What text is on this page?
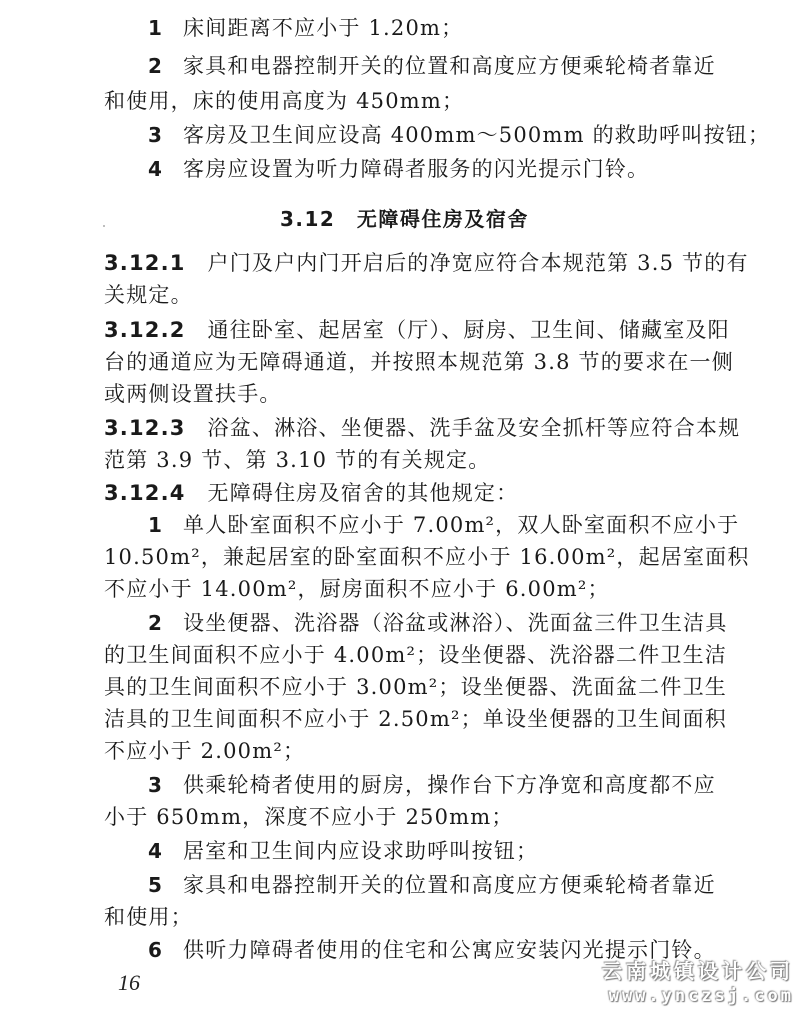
1 床间距离不应小于 1.20m；
2 家具和电器控制开关的位置和高度应方便乘轮椅者靠近
和使用，床的使用高度为 450mm；
3 客房及卫生间应设高 400mm～500mm 的救助呼叫按钮；
4 客房应设置为听力障碍者服务的闪光提示门铃。
3.12　无障碍住房及宿舍
3.12.1 户门及户内门开启后的净宽应符合本规范第 3.5 节的有
关规定。
3.12.2 通往卧室、起居室（厅）、厨房、卫生间、储藏室及阳
台的通道应为无障碍通道，并按照本规范第 3.8 节的要求在一侧
或两侧设置扶手。
3.12.3 浴盆、淋浴、坐便器、洗手盆及安全抓杆等应符合本规
范第 3.9 节、第 3.10 节的有关规定。
3.12.4 无障碍住房及宿舍的其他规定：
1 单人卧室面积不应小于 7.00m²，双人卧室面积不应小于
10.50m²，兼起居室的卧室面积不应小于 16.00m²，起居室面积
不应小于 14.00m²，厨房面积不应小于 6.00m²；
2 设坐便器、洗浴器（浴盆或淋浴）、洗面盆三件卫生洁具
的卫生间面积不应小于 4.00m²；设坐便器、洗浴器二件卫生洁
具的卫生间面积不应小于 3.00m²；设坐便器、洗面盆二件卫生
洁具的卫生间面积不应小于 2.50m²；单设坐便器的卫生间面积
不应小于 2.00m²；
3 供乘轮椅者使用的厨房，操作台下方净宽和高度都不应
小于 650mm，深度不应小于 250mm；
4 居室和卫生间内应设求助呼叫按钮；
5 家具和电器控制开关的位置和高度应方便乘轮椅者靠近
和使用；
6 供听力障碍者使用的住宅和公寓应安装闪光提示门铃。
16	云南城镇设计公司
www.ynczsj.com
